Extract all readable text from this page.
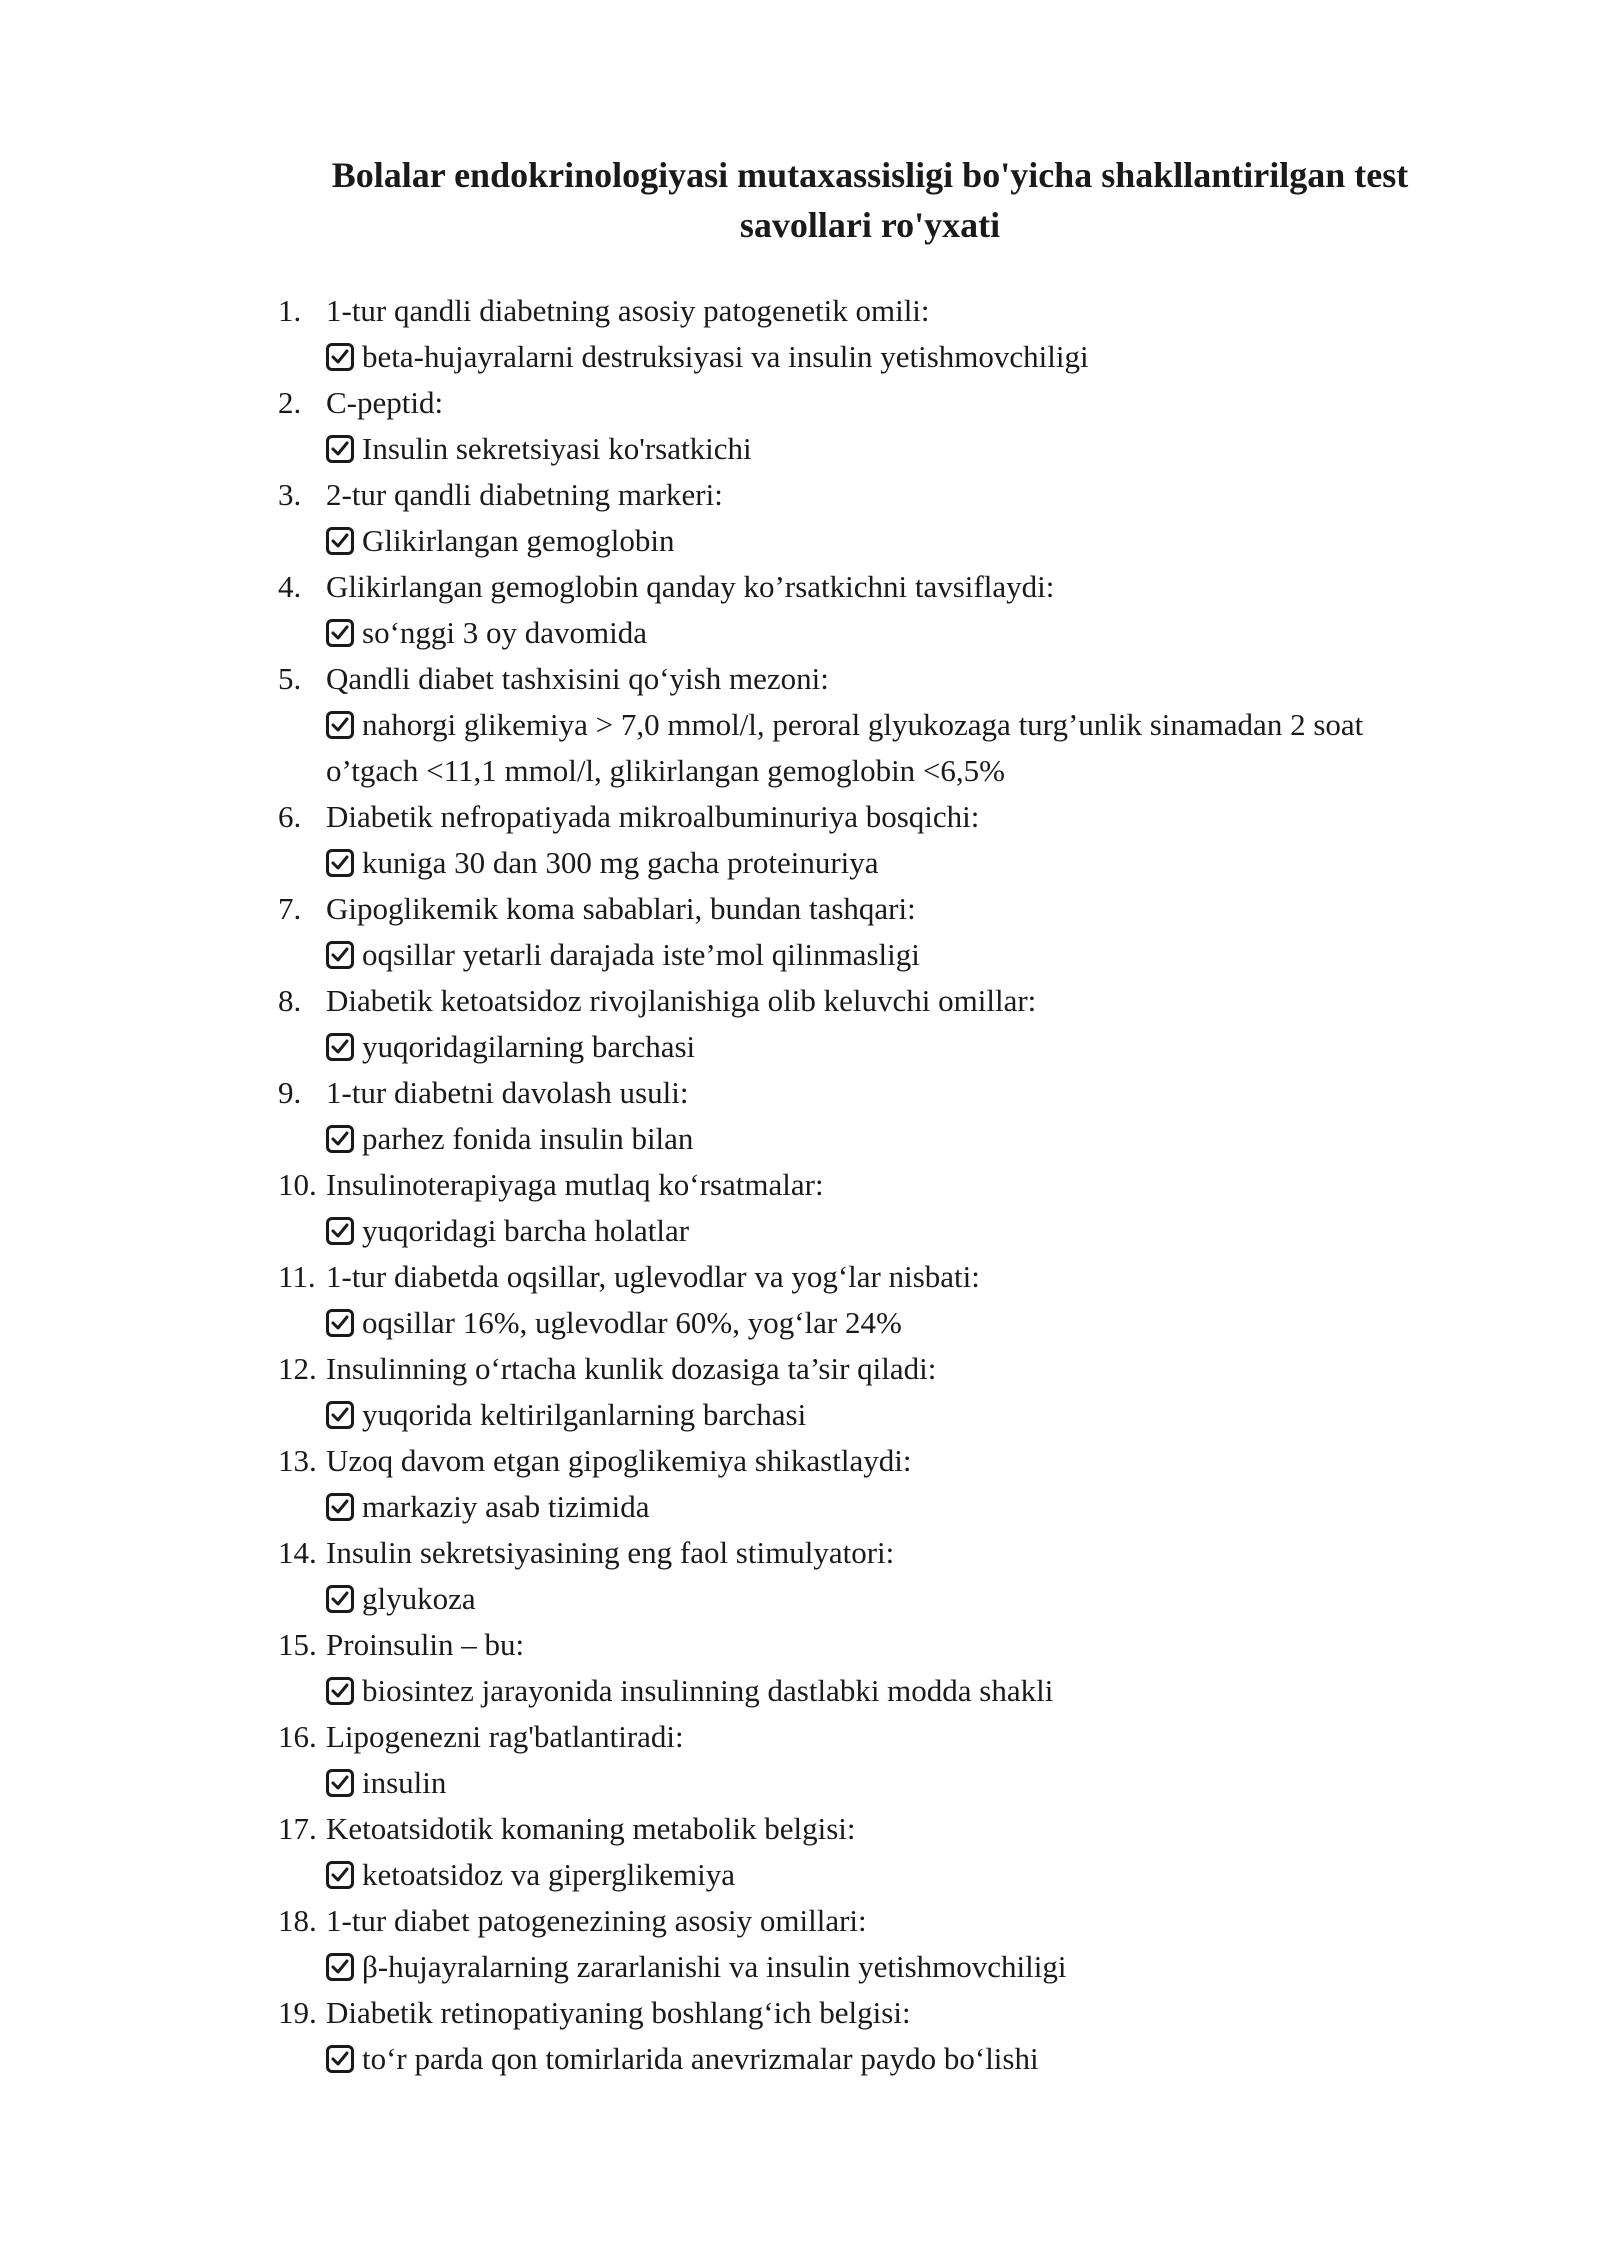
Bolalar endokrinologiyasi mutaxassisligi bo'yicha shakllantirilgan test
savollari ro'yxati
1. 1-tur qandli diabetning asosiy patogenetik omili:
beta-hujayralarni destruksiyasi va insulin yetishmovchiligi
2. C-peptid:
Insulin sekretsiyasi ko'rsatkichi
3. 2-tur qandli diabetning markeri:
Glikirlangan gemoglobin
4. Glikirlangan gemoglobin qanday ko’rsatkichni tavsiflaydi:
so‘nggi 3 oy davomida
5. Qandli diabet tashxisini qo‘yish mezoni:
nahorgi glikemiya > 7,0 mmol/l, peroral glyukozaga turg’unlik sinamadan 2 soat o’tgach <11,1 mmol/l, glikirlangan gemoglobin <6,5%
6. Diabetik nefropatiyada mikroalbuminuriya bosqichi:
kuniga 30 dan 300 mg gacha proteinuriya
7. Gipoglikemik koma sabablari, bundan tashqari:
oqsillar yetarli darajada iste’mol qilinmasligi
8. Diabetik ketoatsidoz rivojlanishiga olib keluvchi omillar:
yuqoridagilarning barchasi
9. 1-tur diabetni davolash usuli:
parhez fonida insulin bilan
10. Insulinoterapiyaga mutlaq ko‘rsatmalar:
yuqoridagi barcha holatlar
11. 1-tur diabetda oqsillar, uglevodlar va yog‘lar nisbati:
oqsillar 16%, uglevodlar 60%, yog‘lar 24%
12. Insulinning o‘rtacha kunlik dozasiga ta’sir qiladi:
yuqorida keltirilganlarning barchasi
13. Uzoq davom etgan gipoglikemiya shikastlaydi:
markaziy asab tizimida
14. Insulin sekretsiyasining eng faol stimulyatori:
glyukoza
15. Proinsulin – bu:
biosintez jarayonida insulinning dastlabki modda shakli
16. Lipogenezni rag'batlantiradi:
insulin
17. Ketoatsidotik komaning metabolik belgisi:
ketoatsidoz va giperglikemiya
18. 1-tur diabet patogenezining asosiy omillari:
β-hujayralarning zararlanishi va insulin yetishmovchiligi
19. Diabetik retinopatiyaning boshlang‘ich belgisi:
to‘r parda qon tomirlarida anevrizmalar paydo bo‘lishi
